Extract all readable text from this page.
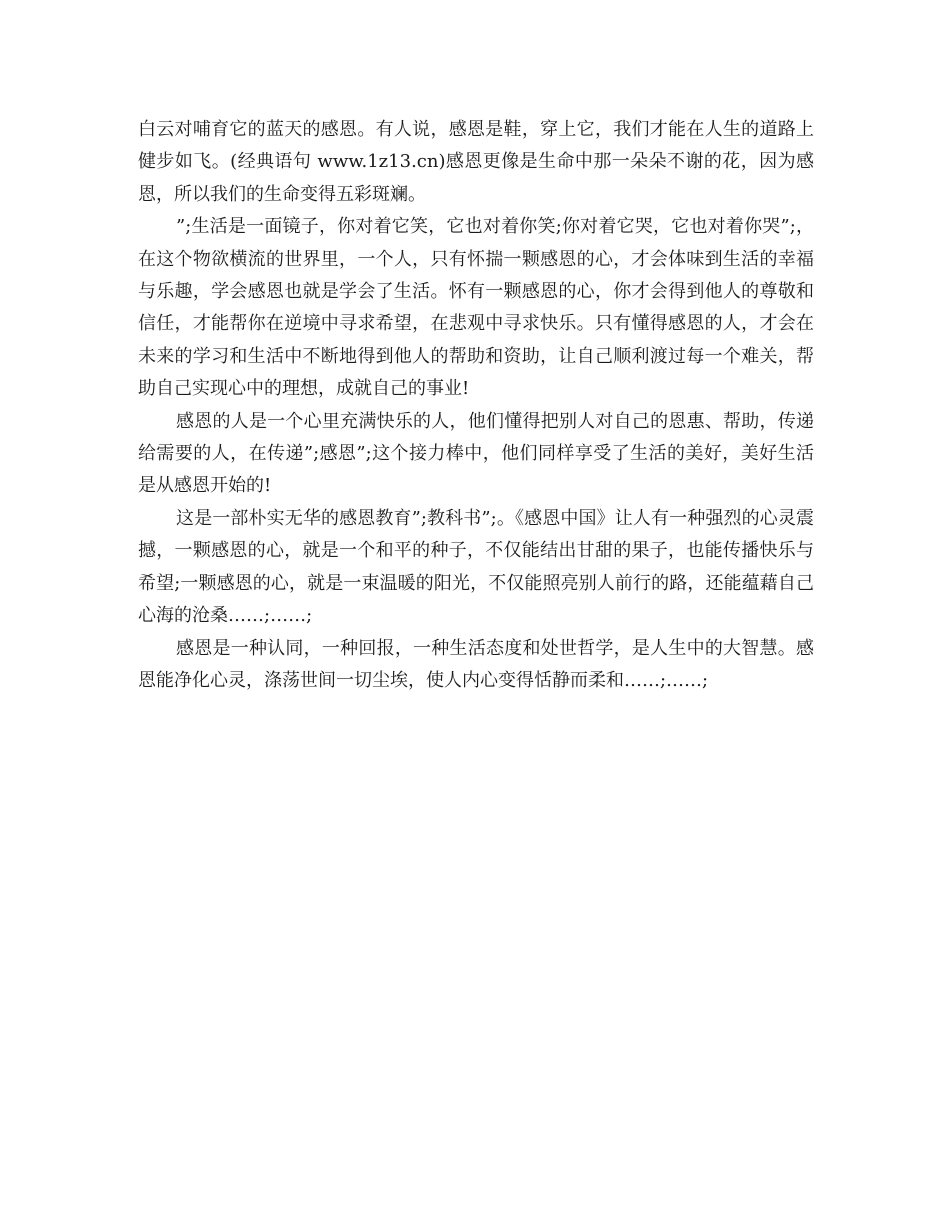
白云对哺育它的蓝天的感恩。有人说，感恩是鞋，穿上它，我们才能在人生的道路上健步如飞。(经典语句 www.1z13.cn)感恩更像是生命中那一朵朵不谢的花，因为感恩，所以我们的生命变得五彩斑斓。

”;生活是一面镜子，你对着它笑，它也对着你笑;你对着它哭，它也对着你哭”;，在这个物欲横流的世界里，一个人，只有怀揣一颗感恩的心，才会体味到生活的幸福与乐趣，学会感恩也就是学会了生活。怀有一颗感恩的心，你才会得到他人的尊敬和信任，才能帮你在逆境中寻求希望，在悲观中寻求快乐。只有懂得感恩的人，才会在未来的学习和生活中不断地得到他人的帮助和资助，让自己顺利渡过每一个难关，帮助自己实现心中的理想，成就自己的事业!

感恩的人是一个心里充满快乐的人，他们懂得把别人对自己的恩惠、帮助，传递给需要的人，在传递”;感恩”;这个接力棒中，他们同样享受了生活的美好，美好生活是从感恩开始的!

这是一部朴实无华的感恩教育”;教科书”;。《感恩中国》让人有一种强烈的心灵震撼，一颗感恩的心，就是一个和平的种子，不仅能结出甘甜的果子，也能传播快乐与希望;一颗感恩的心，就是一束温暖的阳光，不仅能照亮别人前行的路，还能蕴藉自己心海的沧桑……;……;

感恩是一种认同，一种回报，一种生活态度和处世哲学，是人生中的大智慧。感恩能净化心灵，涤荡世间一切尘埃，使人内心变得恬静而柔和……;……;
